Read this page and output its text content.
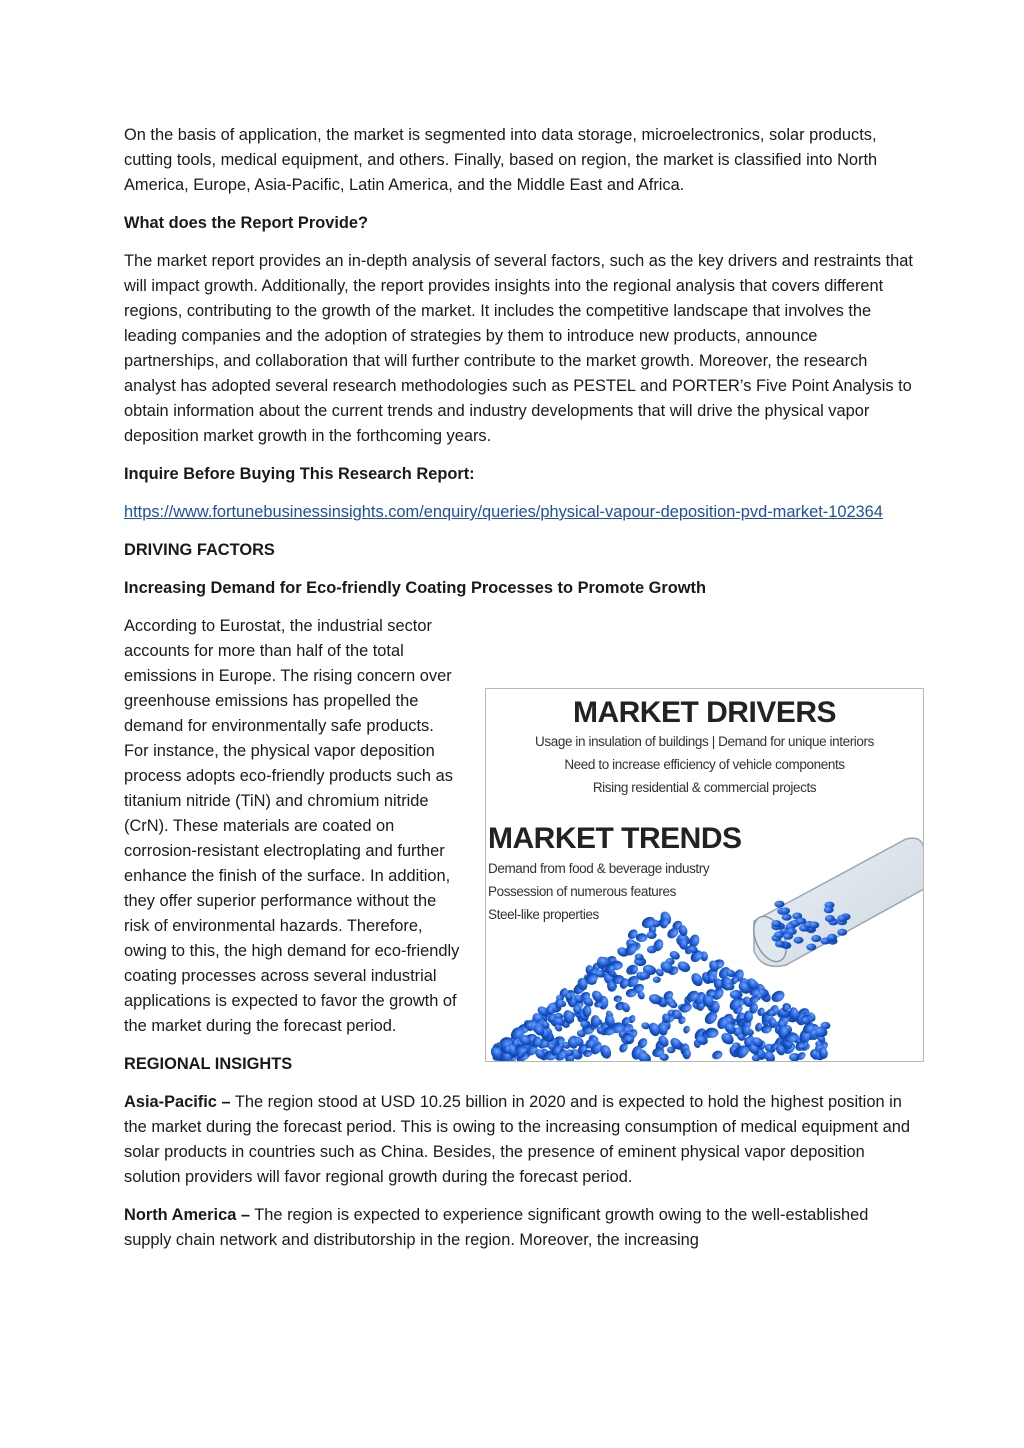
On the basis of application, the market is segmented into data storage, microelectronics, solar products, cutting tools, medical equipment, and others. Finally, based on region, the market is classified into North America, Europe, Asia-Pacific, Latin America, and the Middle East and Africa.

What does the Report Provide?

The market report provides an in-depth analysis of several factors, such as the key drivers and restraints that will impact growth. Additionally, the report provides insights into the regional analysis that covers different regions, contributing to the growth of the market. It includes the competitive landscape that involves the leading companies and the adoption of strategies by them to introduce new products, announce partnerships, and collaboration that will further contribute to the market growth. Moreover, the research analyst has adopted several research methodologies such as PESTEL and PORTER’s Five Point Analysis to obtain information about the current trends and industry developments that will drive the physical vapor deposition market growth in the forthcoming years.

Inquire Before Buying This Research Report:

https://www.fortunebusinessinsights.com/enquiry/queries/physical-vapour-deposition-pvd-market-102364

DRIVING FACTORS

Increasing Demand for Eco-friendly Coating Processes to Promote Growth

According to Eurostat, the industrial sector accounts for more than half of the total emissions in Europe. The rising concern over greenhouse emissions has propelled the demand for environmentally safe products. For instance, the physical vapor deposition process adopts eco-friendly products such as titanium nitride (TiN) and chromium nitride (CrN). These materials are coated on corrosion-resistant electroplating and further enhance the finish of the surface. In addition, they offer superior performance without the risk of environmental hazards. Therefore, owing to this, the high demand for eco-friendly coating processes across several industrial applications is expected to favor the growth of the market during the forecast period.

REGIONAL INSIGHTS

Asia-Pacific – The region stood at USD 10.25 billion in 2020 and is expected to hold the highest position in the market during the forecast period. This is owing to the increasing consumption of medical equipment and solar products in countries such as China. Besides, the presence of eminent physical vapor deposition solution providers will favor regional growth during the forecast period.

North America – The region is expected to experience significant growth owing to the well-established supply chain network and distributorship in the region. Moreover, the increasing

MARKET DRIVERS
Usage in insulation of buildings | Demand for unique interiors
Need to increase efficiency of vehicle components
Rising residential & commercial projects
MARKET TRENDS
Demand from food & beverage industry
Possession of numerous features
Steel-like properties
